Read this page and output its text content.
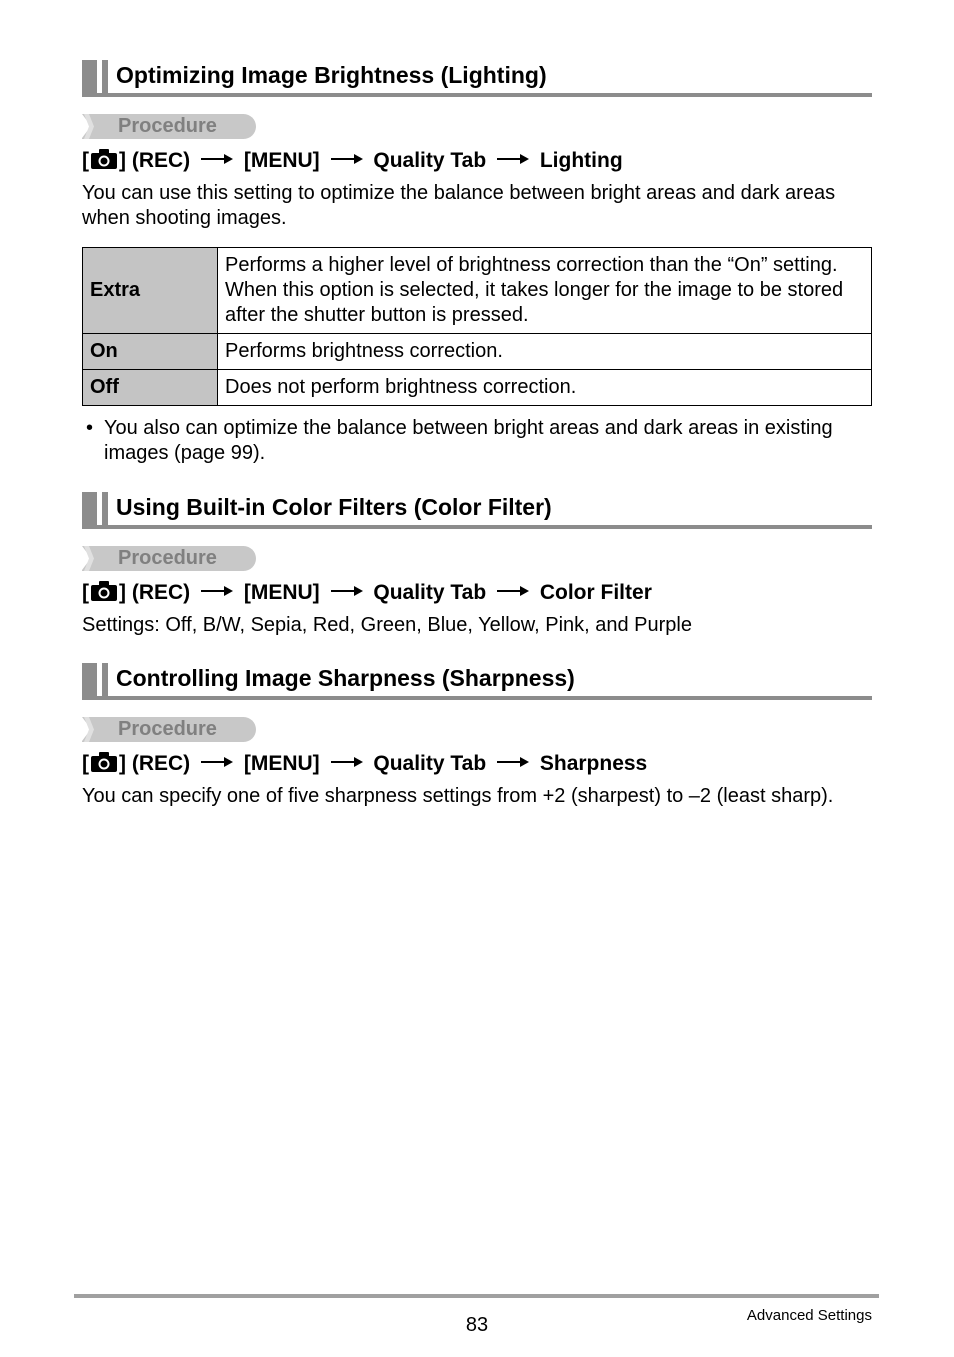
Optimizing Image Brightness (Lighting)
Procedure
[ ] (REC)	[MENU]	Quality Tab	Lighting
You can use this setting to optimize the balance between bright areas and dark areas when shooting images.
Extra	Performs a higher level of brightness correction than the “On” setting. When this option is selected, it takes longer for the image to be stored after the shutter button is pressed.
On	Performs brightness correction.
Off	Does not perform brightness correction.
• You also can optimize the balance between bright areas and dark areas in existing images (page 99).
Using Built-in Color Filters (Color Filter)
Procedure
[ ] (REC)	[MENU]	Quality Tab	Color Filter
Settings: Off, B/W, Sepia, Red, Green, Blue, Yellow, Pink, and Purple
Controlling Image Sharpness (Sharpness)
Procedure
[ ] (REC)	[MENU]	Quality Tab	Sharpness
You can specify one of five sharpness settings from +2 (sharpest) to –2 (least sharp).
Advanced Settings
83
